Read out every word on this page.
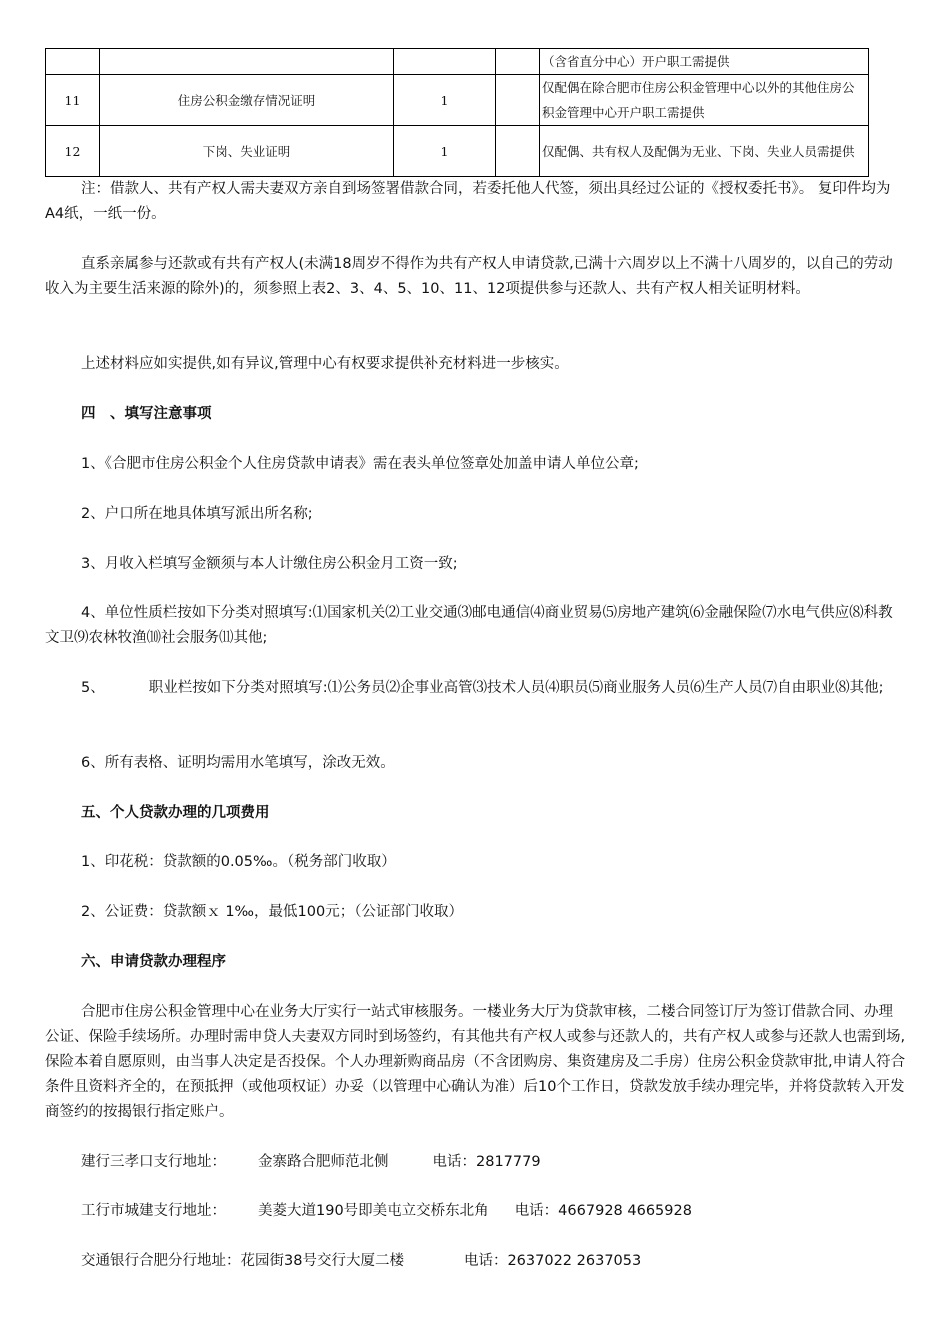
				（含省直分中心）开户职工需提供
11	住房公积金缴存情况证明	1		仅配偶在除合肥市住房公积金管理中心以外的其他住房公积金管理中心开户职工需提供
12	下岗、失业证明	1		仅配偶、共有权人及配偶为无业、下岗、失业人员需提供

注：借款人、共有产权人需夫妻双方亲自到场签署借款合同，若委托他人代签，须出具经过公证的《授权委托书》。 复印件均为A4纸，一纸一份。

直系亲属参与还款或有共有产权人(未满18周岁不得作为共有产权人申请贷款,已满十六周岁以上不满十八周岁的，以自己的劳动收入为主要生活来源的除外)的，须参照上表2、3、4、5、10、11、12项提供参与还款人、共有产权人相关证明材料。

上述材料应如实提供,如有异议,管理中心有权要求提供补充材料进一步核实。

四　、填写注意事项

1、《合肥市住房公积金个人住房贷款申请表》需在表头单位签章处加盖申请人单位公章;

2、户口所在地具体填写派出所名称;

3、月收入栏填写金额须与本人计缴住房公积金月工资一致;

4、单位性质栏按如下分类对照填写:⑴国家机关⑵工业交通⑶邮电通信⑷商业贸易⑸房地产建筑⑹金融保险⑺水电气供应⑻科教文卫⑼农林牧渔⑽社会服务⑾其他;

5、	职业栏按如下分类对照填写:⑴公务员⑵企事业高管⑶技术人员⑷职员⑸商业服务人员⑹生产人员⑺自由职业⑻其他;

6、所有表格、证明均需用水笔填写，涂改无效。

五、个人贷款办理的几项费用

1、印花税：贷款额的0.05‰。（税务部门收取）

2、公证费：贷款额ｘ 1‰，最低100元；（公证部门收取）

六、申请贷款办理程序

合肥市住房公积金管理中心在业务大厅实行一站式审核服务。一楼业务大厅为贷款审核，二楼合同签订厅为签订借款合同、办理公证、保险手续场所。办理时需申贷人夫妻双方同时到场签约，有其他共有产权人或参与还款人的，共有产权人或参与还款人也需到场,保险本着自愿原则，由当事人决定是否投保。个人办理新购商品房（不含团购房、集资建房及二手房）住房公积金贷款审批,申请人符合条件且资料齐全的，在预抵押（或他项权证）办妥（以管理中心确认为准）后10个工作日，贷款发放手续办理完毕，并将贷款转入开发商签约的按揭银行指定账户。

建行三孝口支行地址： 金寨路合肥师范北侧	电话：2817779
工行市城建支行地址： 美菱大道190号即美屯立交桥东北角 电话：4667928 4665928
交通银行合肥分行地址：花园街38号交行大厦二楼	电话：2637022 2637053
